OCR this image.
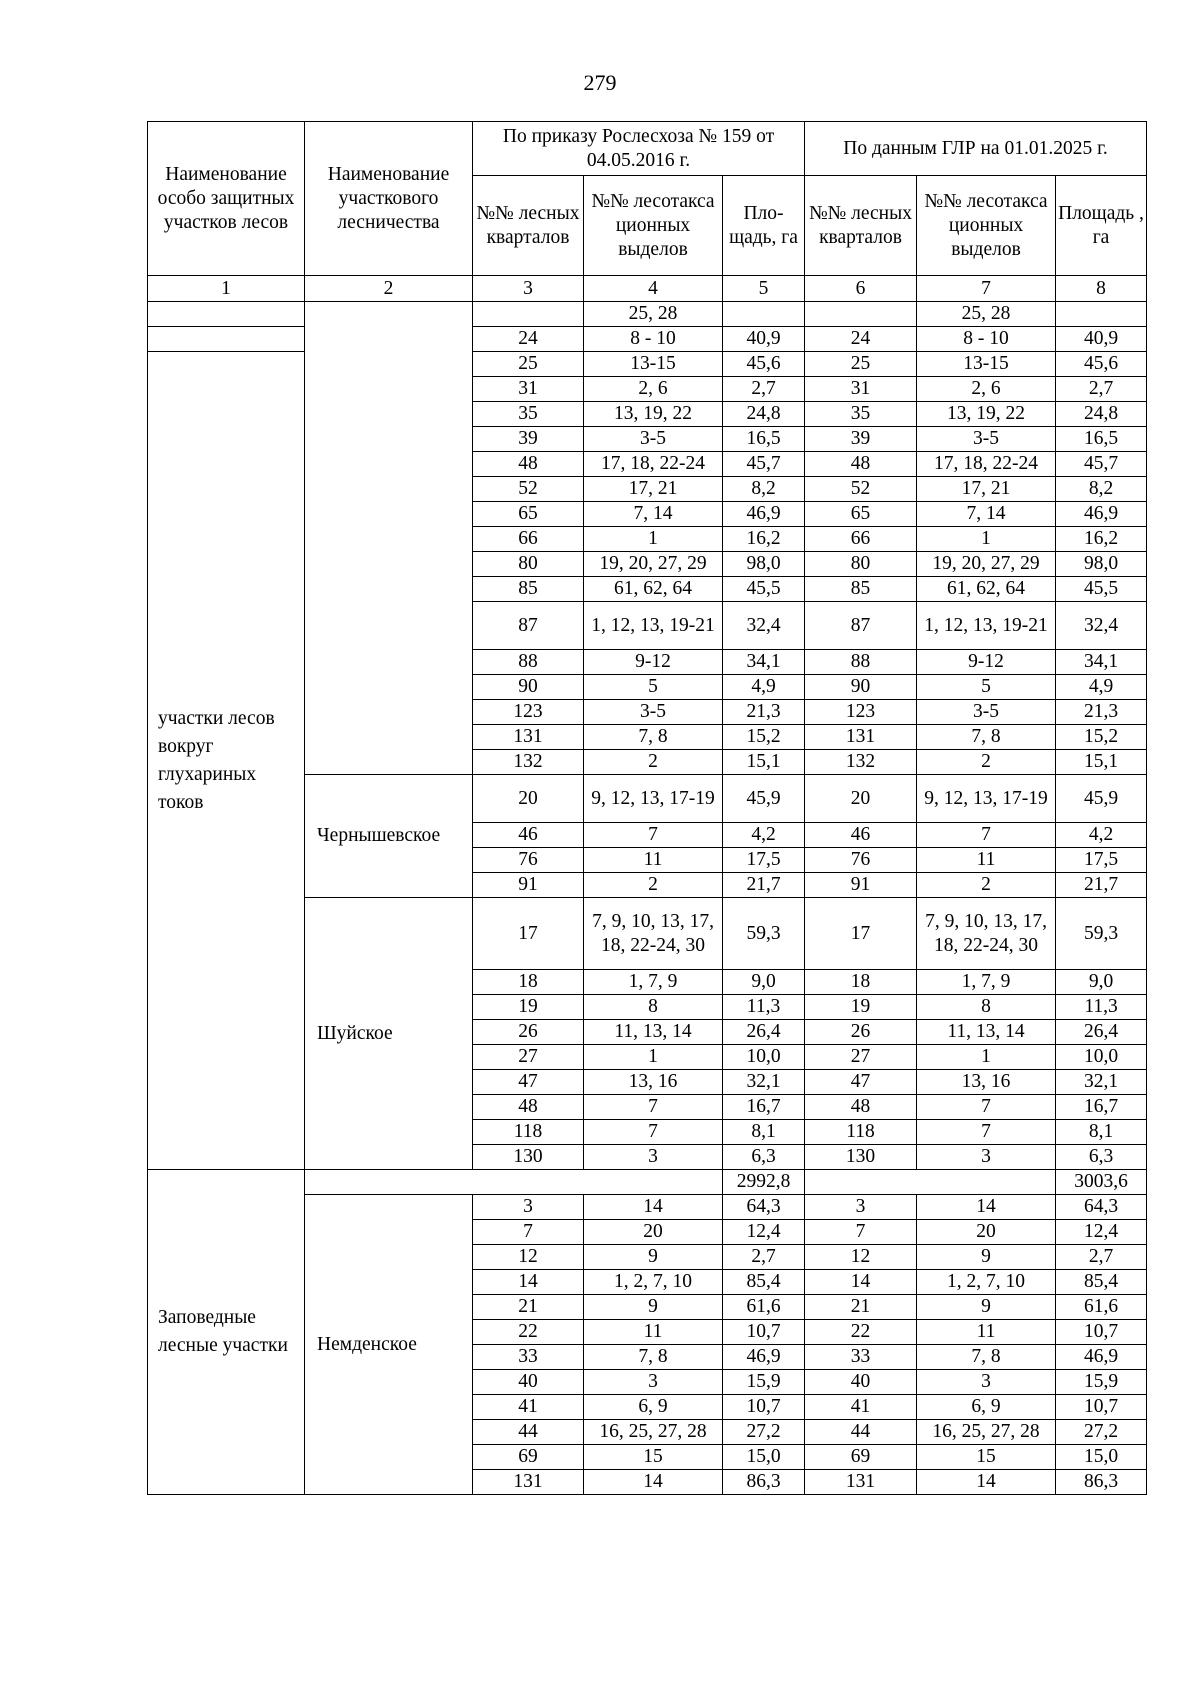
279
Наименование особо защитных участков лесов	Наименование участкового лесничества	По приказу Рослесхоза № 159 от 04.05.2016 г.			По данным ГЛР на 01.01.2025 г.		
		№№ лесных кварталов	№№ лесотакса ционных выделов	Пло-щадь, га	№№ лесных кварталов	№№ лесотакса ционных выделов	Площадь , га
1	2	3	4	5	6	7	8
			25, 28			25, 28	
		24	8 - 10	40,9	24	8 - 10	40,9
участки лесов вокруг глухариных токов		25	13-15	45,6	25	13-15	45,6
		31	2, 6	2,7	31	2, 6	2,7
		35	13, 19, 22	24,8	35	13, 19, 22	24,8
		39	3-5	16,5	39	3-5	16,5
		48	17, 18, 22-24	45,7	48	17, 18, 22-24	45,7
		52	17, 21	8,2	52	17, 21	8,2
		65	7, 14	46,9	65	7, 14	46,9
		66	1	16,2	66	1	16,2
		80	19, 20, 27, 29	98,0	80	19, 20, 27, 29	98,0
		85	61, 62, 64	45,5	85	61, 62, 64	45,5
		87	1, 12, 13, 19-21	32,4	87	1, 12, 13, 19-21	32,4
		88	9-12	34,1	88	9-12	34,1
		90	5	4,9	90	5	4,9
		123	3-5	21,3	123	3-5	21,3
		131	7, 8	15,2	131	7, 8	15,2
		132	2	15,1	132	2	15,1
	Чернышевское	20	9, 12, 13, 17-19	45,9	20	9, 12, 13, 17-19	45,9
		46	7	4,2	46	7	4,2
		76	11	17,5	76	11	17,5
		91	2	21,7	91	2	21,7
	Шуйское	17	7, 9, 10, 13, 17, 18, 22-24, 30	59,3	17	7, 9, 10, 13, 17, 18, 22-24, 30	59,3
		18	1, 7, 9	9,0	18	1, 7, 9	9,0
		19	8	11,3	19	8	11,3
		26	11, 13, 14	26,4	26	11, 13, 14	26,4
		27	1	10,0	27	1	10,0
		47	13, 16	32,1	47	13, 16	32,1
		48	7	16,7	48	7	16,7
		118	7	8,1	118	7	8,1
		130	3	6,3	130	3	6,3
Заповедные лесные участки				2992,8			3003,6
	Немденское	3	14	64,3	3	14	64,3
		7	20	12,4	7	20	12,4
		12	9	2,7	12	9	2,7
		14	1, 2, 7, 10	85,4	14	1, 2, 7, 10	85,4
		21	9	61,6	21	9	61,6
		22	11	10,7	22	11	10,7
		33	7, 8	46,9	33	7, 8	46,9
		40	3	15,9	40	3	15,9
		41	6, 9	10,7	41	6, 9	10,7
		44	16, 25, 27, 28	27,2	44	16, 25, 27, 28	27,2
		69	15	15,0	69	15	15,0
		131	14	86,3	131	14	86,3
